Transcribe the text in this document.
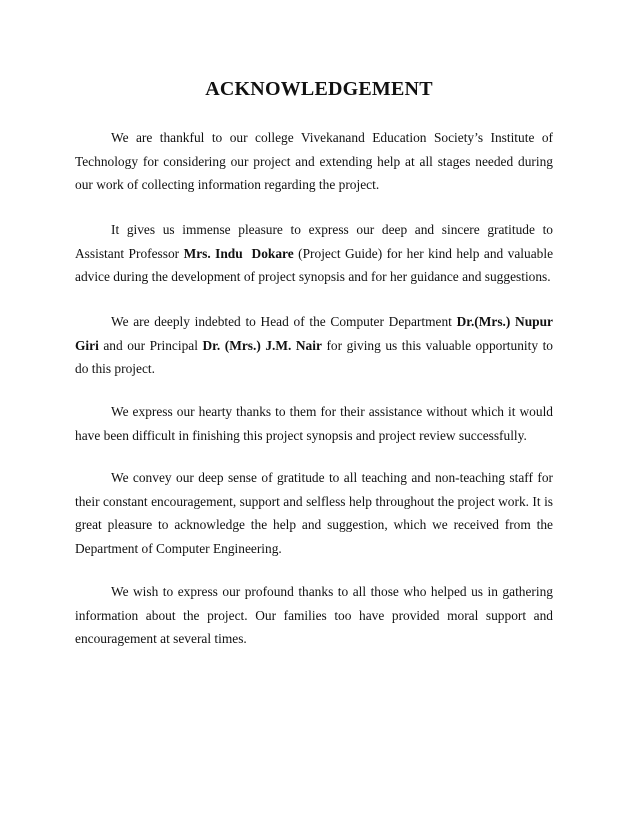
ACKNOWLEDGEMENT

We are thankful to our college Vivekanand Education Society’s Institute of Technology for considering our project and extending help at all stages needed during our work of collecting information regarding the project.

It gives us immense pleasure to express our deep and sincere gratitude to Assistant Professor Mrs. Indu  Dokare (Project Guide) for her kind help and valuable advice during the development of project synopsis and for her guidance and suggestions.

We are deeply indebted to Head of the Computer Department Dr.(Mrs.) Nupur Giri and our Principal Dr. (Mrs.) J.M. Nair for giving us this valuable opportunity to do this project.

We express our hearty thanks to them for their assistance without which it would have been difficult in finishing this project synopsis and project review successfully.

We convey our deep sense of gratitude to all teaching and non-teaching staff for their constant encouragement, support and selfless help throughout the project work. It is great pleasure to acknowledge the help and suggestion, which we received from the Department of Computer Engineering.

We wish to express our profound thanks to all those who helped us in gathering information about the project. Our families too have provided moral support and encouragement at several times.
